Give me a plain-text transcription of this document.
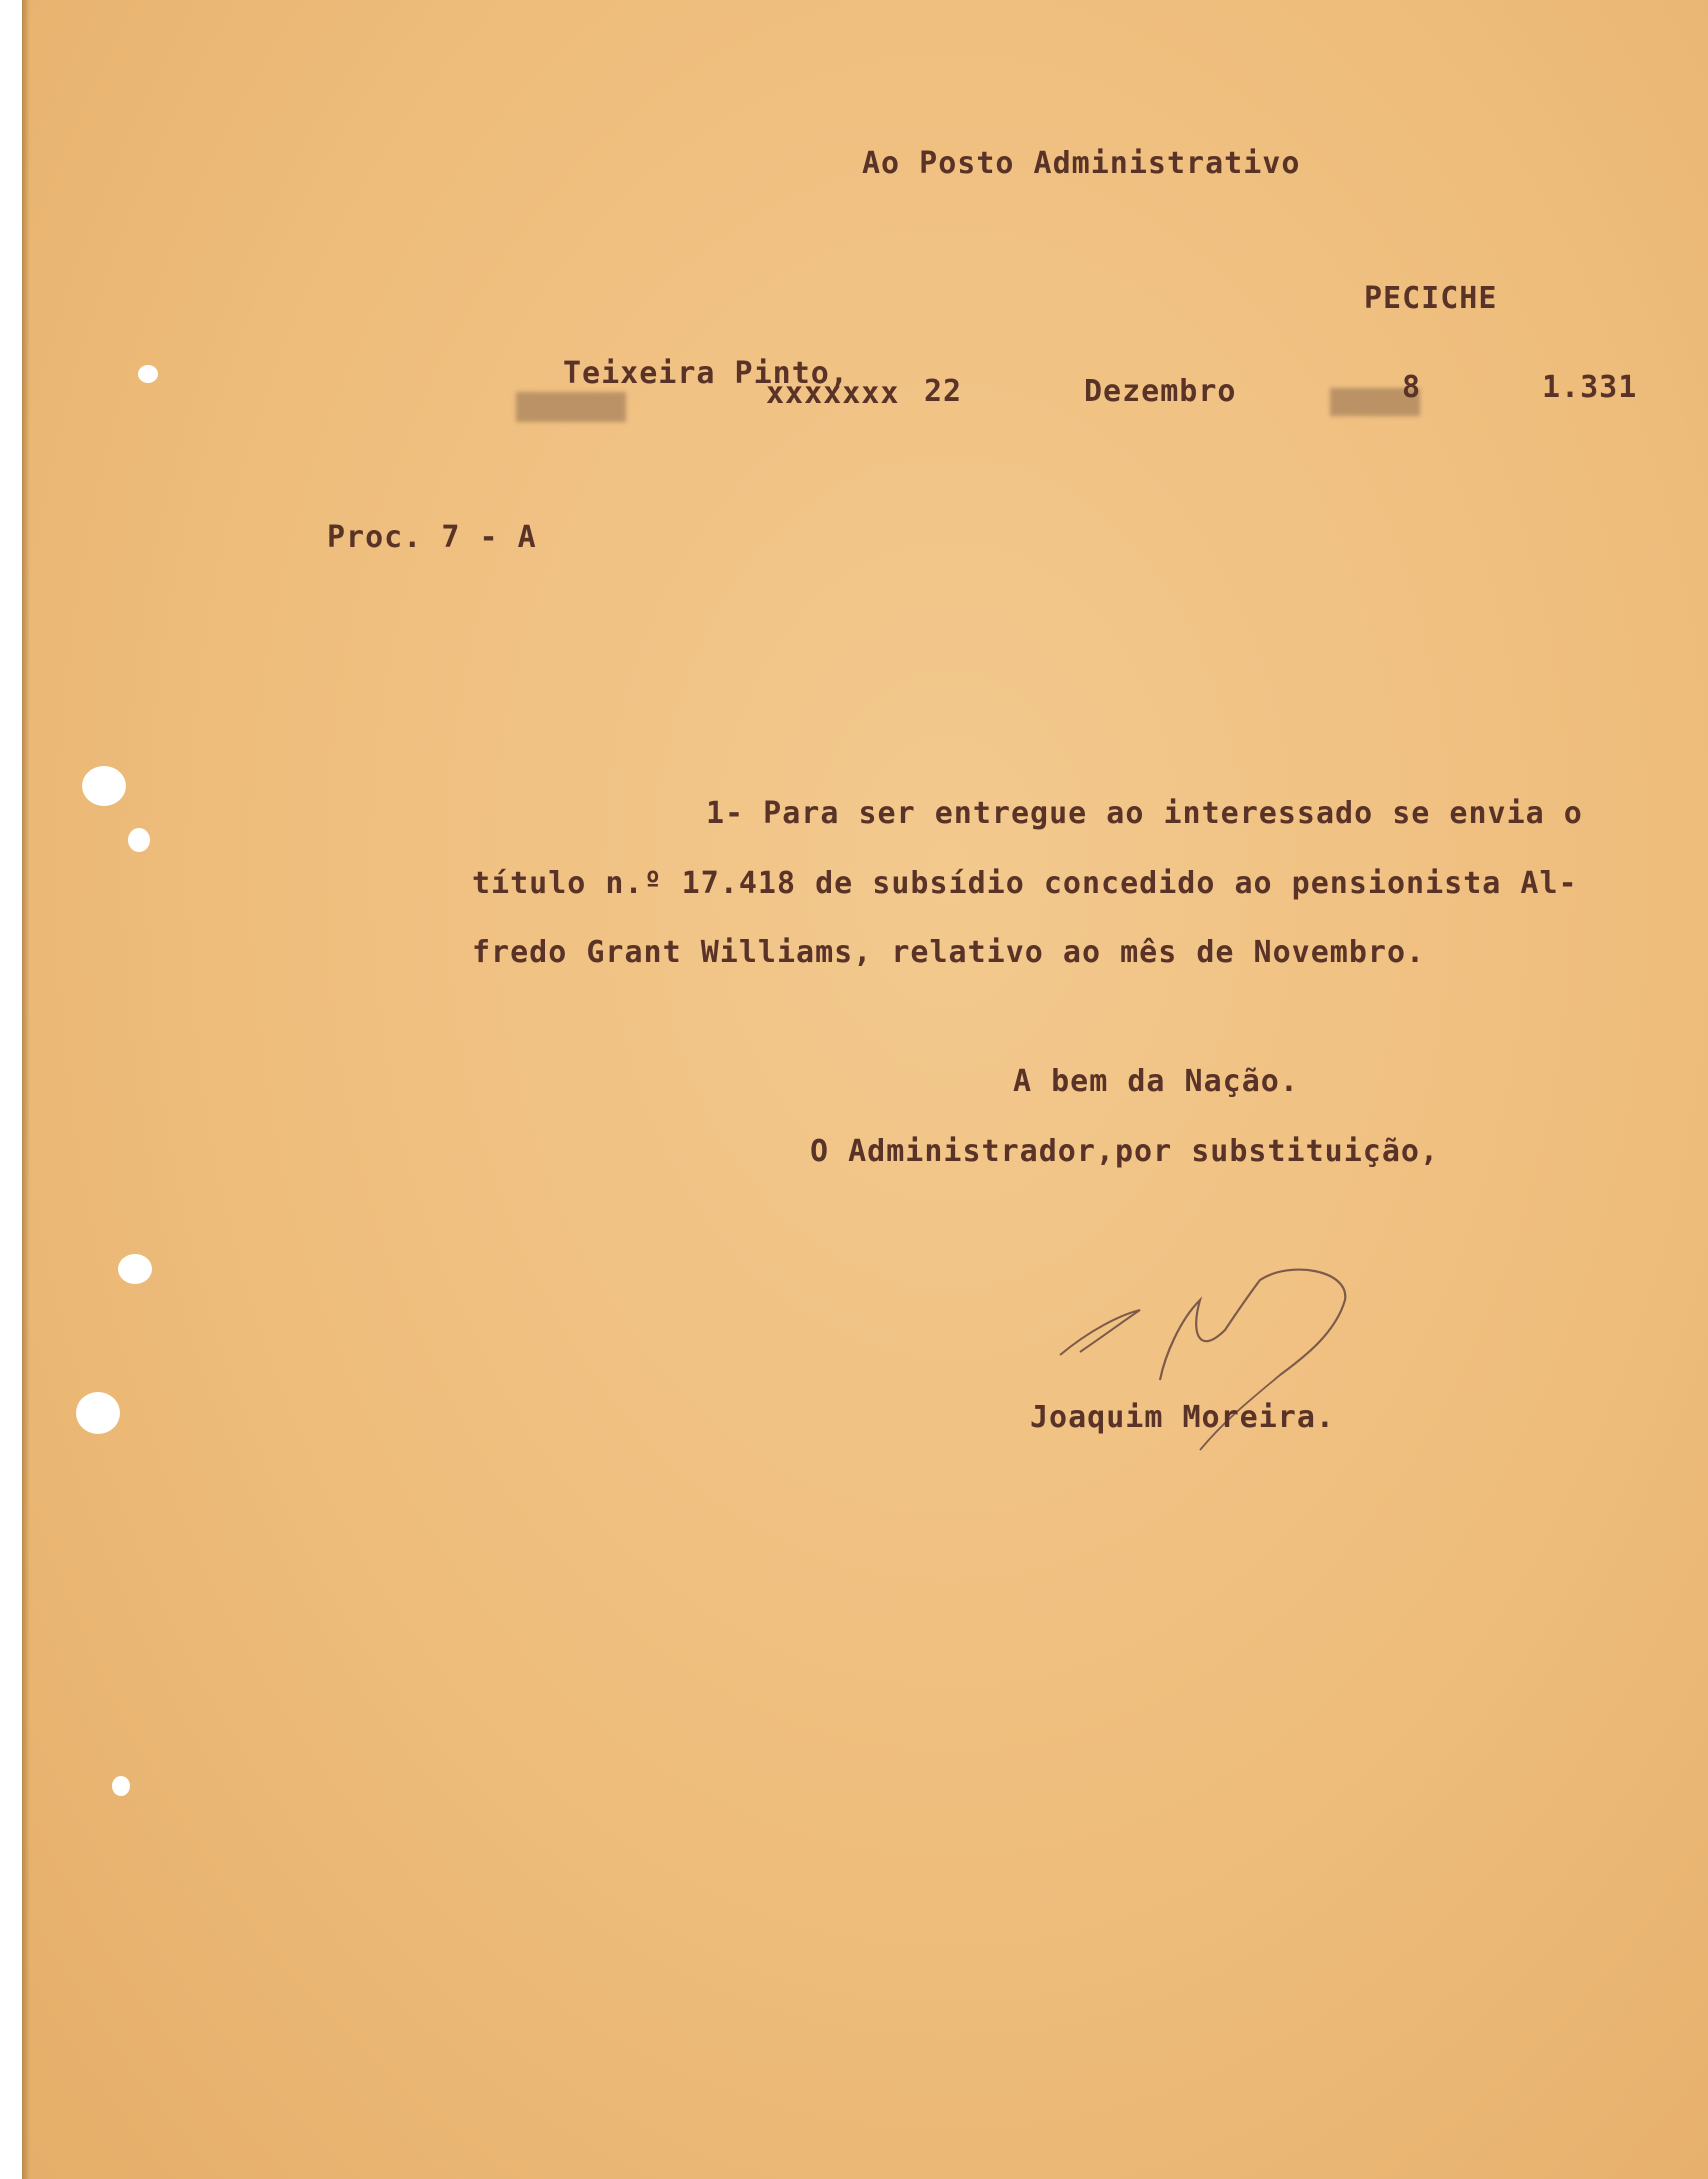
Ao Posto Administrativo
PECICHE
Teixeira Pinto,
xxxxxxx 22	Dezembro	8	1.331
Proc. 7 - A
1- Para ser entregue ao interessado se envia o
título n.º 17.418 de subsídio concedido ao pensionista Al-
fredo Grant Williams, relativo ao mês de Novembro.
A bem da Nação.
O Administrador,por substituição,
Joaquim Moreira.
